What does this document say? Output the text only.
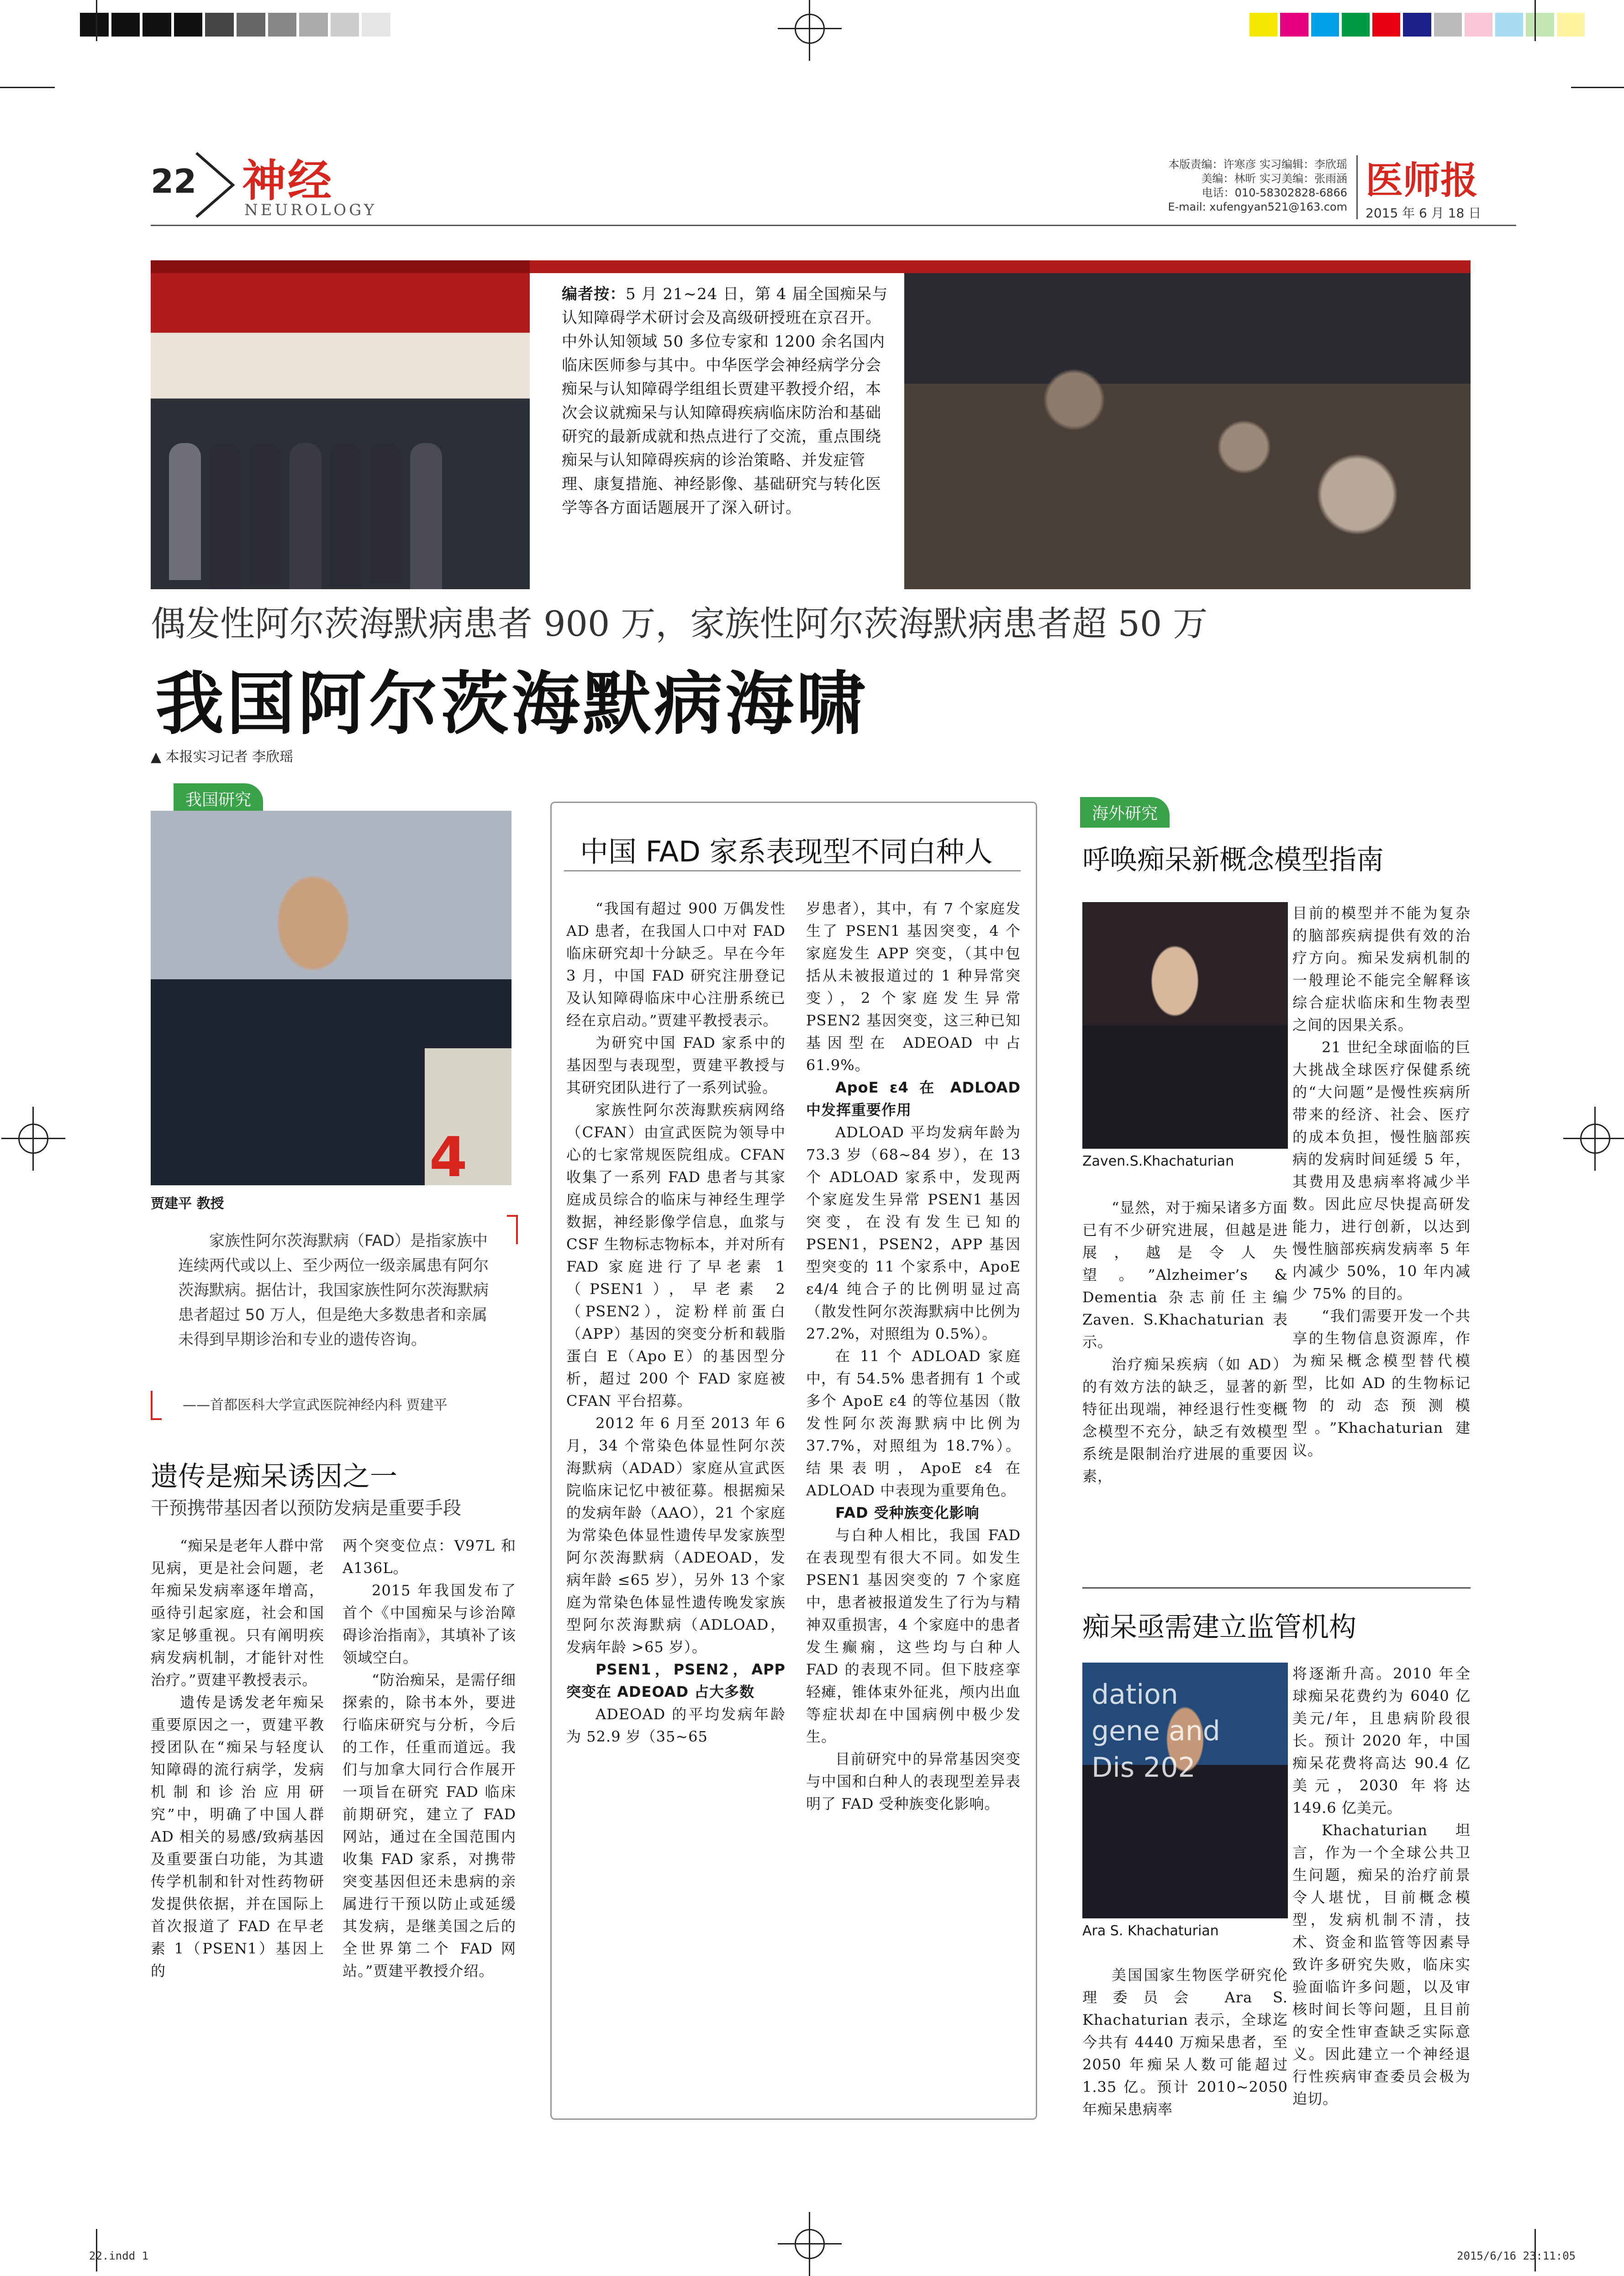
22 神经
NEUROLOGY
本版责编：许寒彦 实习编辑：李欣瑶
美编：林昕 实习美编：张雨涵
电话：010-58302828-6866
E-mail: xufengyan521@163.com
医师报
2015 年 6 月 18 日
编者按：5 月 21~24 日，第 4 届全国痴呆与认知障碍学术研讨会及高级研授班在京召开。中外认知领域 50 多位专家和 1200 余名国内临床医师参与其中。中华医学会神经病学分会痴呆与认知障碍学组组长贾建平教授介绍，本次会议就痴呆与认知障碍疾病临床防治和基础研究的最新成就和热点进行了交流，重点围绕痴呆与认知障碍疾病的诊治策略、并发症管理、康复措施、神经影像、基础研究与转化医学等各方面话题展开了深入研讨。
偶发性阿尔茨海默病患者 900 万，家族性阿尔茨海默病患者超 50 万
我国阿尔茨海默病海啸
▲ 本报实习记者 李欣瑶
我国研究
4
贾建平 教授
家族性阿尔茨海默病（FAD）是指家族中连续两代或以上、至少两位一级亲属患有阿尔茨海默病。据估计，我国家族性阿尔茨海默病患者超过 50 万人，但是绝大多数患者和亲属未得到早期诊治和专业的遗传咨询。
——首都医科大学宣武医院神经内科 贾建平
遗传是痴呆诱因之一
干预携带基因者以预防发病是重要手段

“痴呆是老年人群中常见病，更是社会问题，老年痴呆发病率逐年增高，亟待引起家庭，社会和国家足够重视。只有阐明疾病发病机制，才能针对性治疗。”贾建平教授表示。

遗传是诱发老年痴呆重要原因之一，贾建平教授团队在“痴呆与轻度认知障碍的流行病学，发病机制和诊治应用研究”中，明确了中国人群 AD 相关的易感/致病基因及重要蛋白功能，为其遗传学机制和针对性药物研发提供依据，并在国际上首次报道了 FAD 在早老素 1（PSEN1）基因上的

两个突变位点：V97L 和 A136L。

2015 年我国发布了首个《中国痴呆与诊治障碍诊治指南》，其填补了该领域空白。

“防治痴呆，是需仔细探索的，除书本外，要进行临床研究与分析，今后的工作，任重而道远。我们与加拿大同行合作展开一项旨在研究 FAD 临床前期研究，建立了 FAD 网站，通过在全国范围内收集 FAD 家系，对携带突变基因但还未患病的亲属进行干预以防止或延缓其发病，是继美国之后的全世界第二个 FAD 网站。”贾建平教授介绍。

中国 FAD 家系表现型不同白种人

“我国有超过 900 万偶发性 AD 患者，在我国人口中对 FAD 临床研究却十分缺乏。早在今年 3 月，中国 FAD 研究注册登记及认知障碍临床中心注册系统已经在京启动。”贾建平教授表示。

为研究中国 FAD 家系中的基因型与表现型，贾建平教授与其研究团队进行了一系列试验。

家族性阿尔茨海默疾病网络（CFAN）由宣武医院为领导中心的七家常规医院组成。CFAN 收集了一系列 FAD 患者与其家庭成员综合的临床与神经生理学数据，神经影像学信息，血浆与 CSF 生物标志物标本，并对所有 FAD 家庭进行了早老素 1（PSEN1），早老素 2（PSEN2），淀粉样前蛋白（APP）基因的突变分析和载脂蛋白 E（Apo E）的基因型分析，超过 200 个 FAD 家庭被 CFAN 平台招募。

2012 年 6 月至 2013 年 6 月，34 个常染色体显性阿尔茨海默病（ADAD）家庭从宣武医院临床记忆中被征募。根据痴呆的发病年龄（AAO），21 个家庭为常染色体显性遗传早发家族型阿尔茨海默病（ADEOAD，发病年龄 ≤65 岁），另外 13 个家庭为常染色体显性遗传晚发家族型阿尔茨海默病（ADLOAD，发病年龄 >65 岁）。

PSEN1，PSEN2，APP 突变在 ADEOAD 占大多数

ADEOAD 的平均发病年龄为 52.9 岁（35~65

岁患者），其中，有 7 个家庭发生了 PSEN1 基因突变，4 个家庭发生 APP 突变，（其中包括从未被报道过的 1 种异常突变），2 个家庭发生异常 PSEN2 基因突变，这三种已知基因型在 ADEOAD 中占 61.9%。

ApoE ε4 在 ADLOAD 中发挥重要作用

ADLOAD 平均发病年龄为 73.3 岁（68~84 岁），在 13 个 ADLOAD 家系中，发现两个家庭发生异常 PSEN1 基因突变，在没有发生已知的 PSEN1，PSEN2，APP 基因型突变的 11 个家系中，ApoE ε4/4 纯合子的比例明显过高（散发性阿尔茨海默病中比例为 27.2%，对照组为 0.5%）。

在 11 个 ADLOAD 家庭中，有 54.5% 患者拥有 1 个或多个 ApoE ε4 的等位基因（散发性阿尔茨海默病中比例为 37.7%，对照组为 18.7%）。结果表明，ApoE ε4 在 ADLOAD 中表现为重要角色。

FAD 受种族变化影响

与白种人相比，我国 FAD 在表现型有很大不同。如发生 PSEN1 基因突变的 7 个家庭中，患者被报道发生了行为与精神双重损害，4 个家庭中的患者发生癫痫，这些均与白种人 FAD 的表现不同。但下肢痉挛轻瘫，锥体束外征兆，颅内出血等症状却在中国病例中极少发生。

目前研究中的异常基因突变与中国和白种人的表现型差异表明了 FAD 受种族变化影响。

海外研究
呼唤痴呆新概念模型指南
Zaven.S.Khachaturian

“显然，对于痴呆诸多方面已有不少研究进展，但越是进展，越是令人失望。”Alzheimer’s & Dementia 杂志前任主编 Zaven. S.Khachaturian 表示。

治疗痴呆疾病（如 AD）的有效方法的缺乏，显著的新特征出现端，神经退行性变概念模型不充分，缺乏有效模型系统是限制治疗进展的重要因素，

目前的模型并不能为复杂的脑部疾病提供有效的治疗方向。痴呆发病机制的一般理论不能完全解释该综合症状临床和生物表型之间的因果关系。

21 世纪全球面临的巨大挑战全球医疗保健系统的“大问题”是慢性疾病所带来的经济、社会、医疗的成本负担，慢性脑部疾病的发病时间延缓 5 年，其费用及患病率将减少半数。因此应尽快提高研发能力，进行创新，以达到慢性脑部疾病发病率 5 年内减少 50%，10 年内减少 75% 的目的。

“我们需要开发一个共享的生物信息资源库，作为痴呆概念模型替代模型，比如 AD 的生物标记物的动态预测模型。”Khachaturian 建议。

痴呆亟需建立监管机构
dation
gene and
Dis 202
Ara S. Khachaturian

美国国家生物医学研究伦理委员会 Ara S. Khachaturian 表示，全球迄今共有 4440 万痴呆患者，至 2050 年痴呆人数可能超过 1.35 亿。预计 2010~2050 年痴呆患病率

将逐渐升高。2010 年全球痴呆花费约为 6040 亿美元/年，且患病阶段很长。预计 2020 年，中国痴呆花费将高达 90.4 亿美元，2030 年将达 149.6 亿美元。

Khachaturian 坦言，作为一个全球公共卫生问题，痴呆的治疗前景令人堪忧，目前概念模型，发病机制不清，技术、资金和监管等因素导致许多研究失败，临床实验面临许多问题，以及审核时间长等问题，且目前的安全性审查缺乏实际意义。因此建立一个神经退行性疾病审查委员会极为迫切。

22.indd 1	2015/6/16 23:11:05
